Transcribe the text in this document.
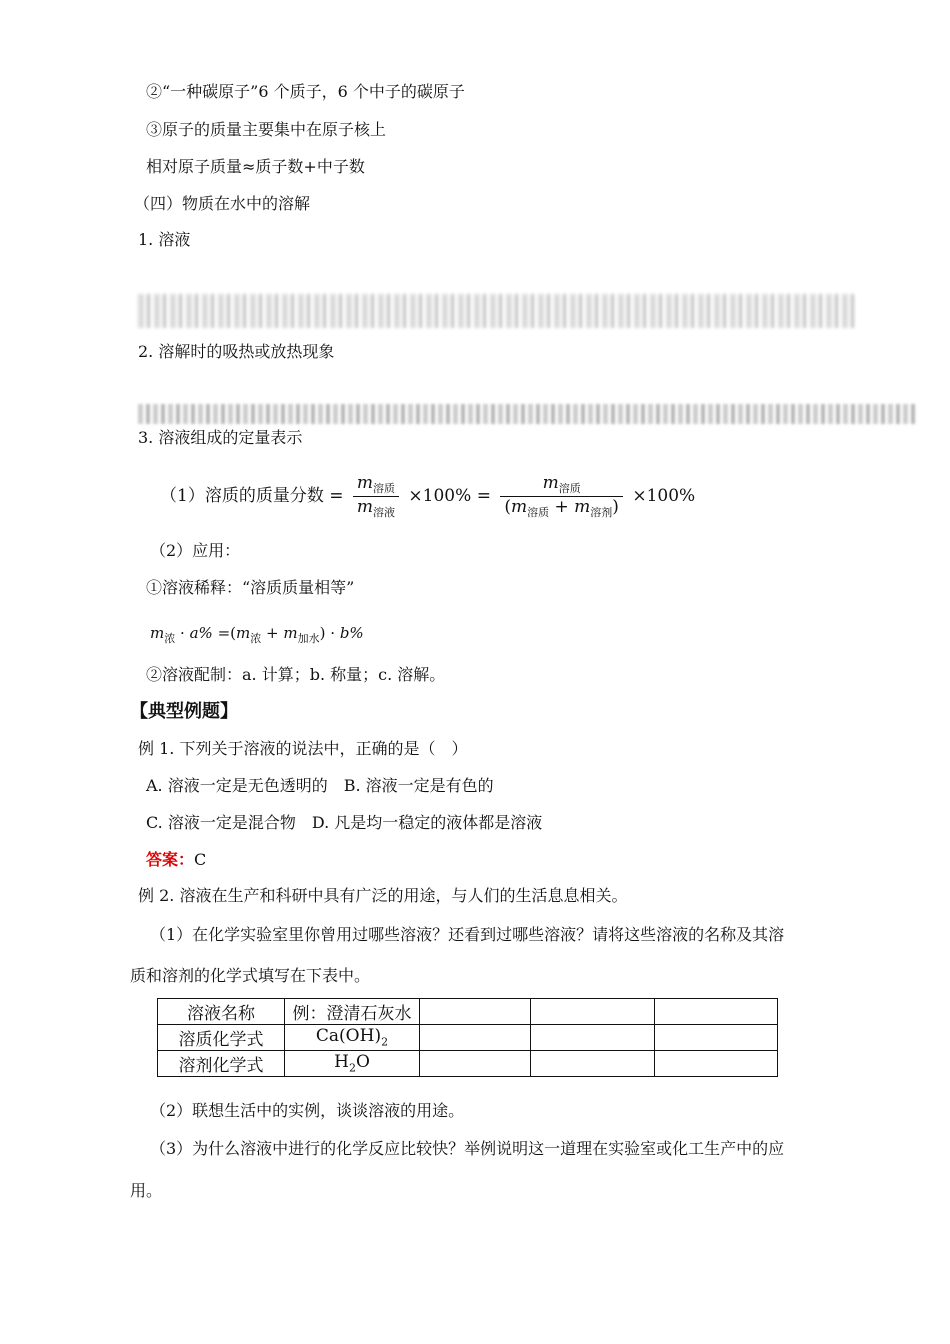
②“一种碳原子”6 个质子，6 个中子的碳原子
③原子的质量主要集中在原子核上
相对原子质量≈质子数+中子数
（四）物质在水中的溶解
1. 溶液
2. 溶解时的吸热或放热现象
3. 溶液组成的定量表示
（1）溶质的质量分数 = $\frac{m_{溶质}}{m_{溶液}} \times 100\% = \frac{m_{溶质}}{(m_{溶质} + m_{溶剂})} \times 100\%$
（2）应用：
①溶液稀释：“溶质质量相等”
$m_浓 \cdot a\% =(m_浓 + m_{加水}) \cdot b\%$
②溶液配制：a. 计算；b. 称量；c. 溶解。
【典型例题】
例 1. 下列关于溶液的说法中，正确的是（　）
A. 溶液一定是无色透明的　B. 溶液一定是有色的
C. 溶液一定是混合物　D. 凡是均一稳定的液体都是溶液
答案：C
例 2. 溶液在生产和科研中具有广泛的用途，与人们的生活息息相关。
（1）在化学实验室里你曾用过哪些溶液？还看到过哪些溶液？请将这些溶液的名称及其溶
质和溶剂的化学式填写在下表中。
溶液名称	例：澄清石灰水			
溶质化学式	$Ca(OH)_2$			
溶剂化学式	$H_2O$			
（2）联想生活中的实例，谈谈溶液的用途。
（3）为什么溶液中进行的化学反应比较快？举例说明这一道理在实验室或化工生产中的应
用。
